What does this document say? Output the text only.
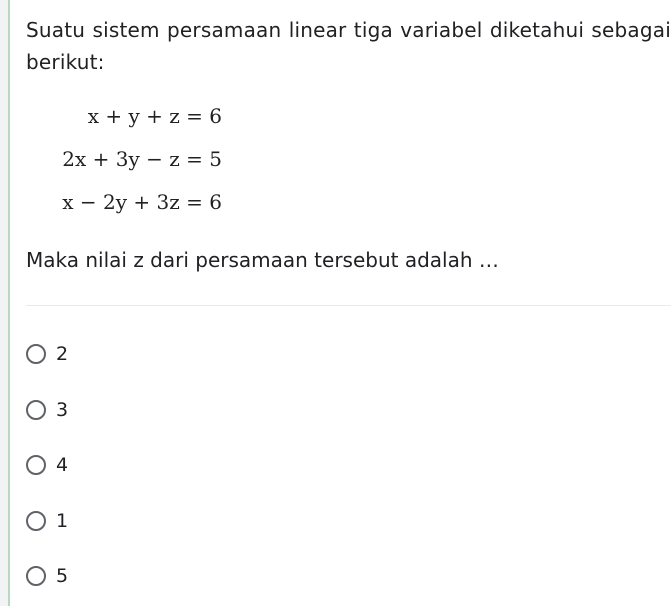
Suatu sistem persamaan linear tiga variabel diketahui sebagai berikut:
x + y + z = 6
2x + 3y − z = 5
x − 2y + 3z = 6
Maka nilai z dari persamaan tersebut adalah …
2
3
4
1
5
